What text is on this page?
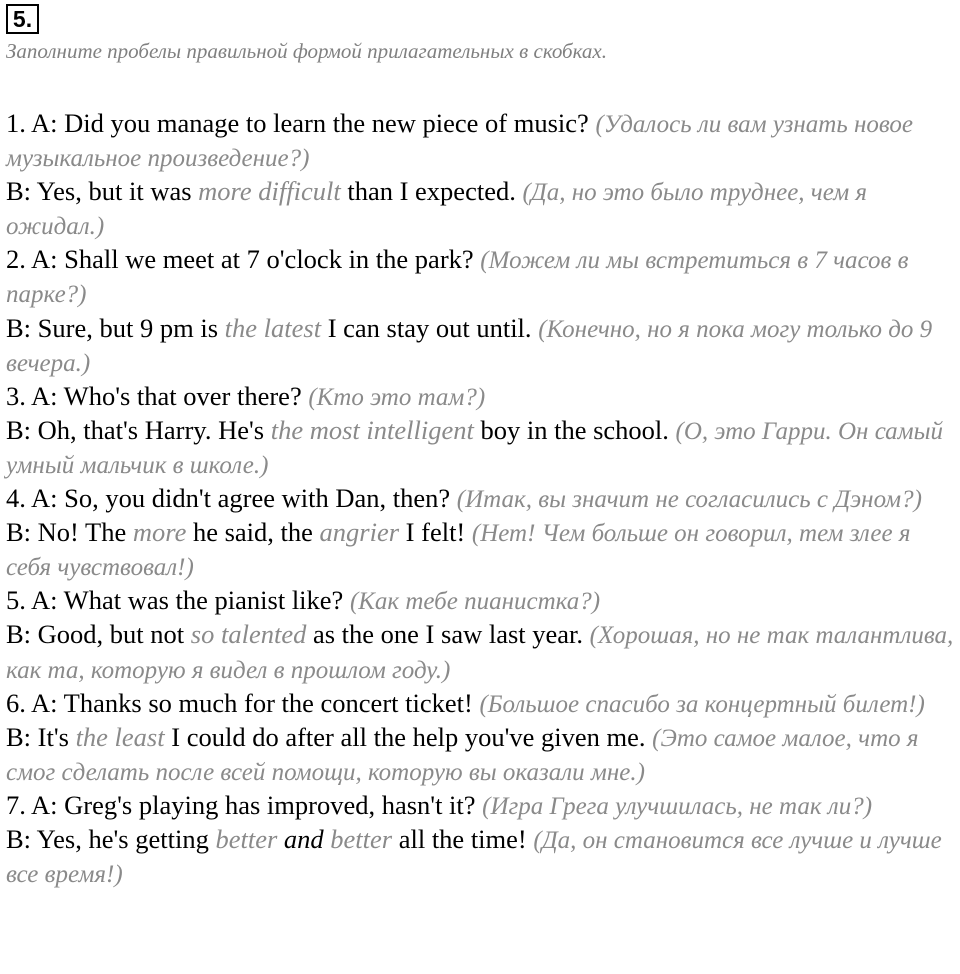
5.
Заполните пробелы правильной формой прилагательных в скобках.

1. A: Did you manage to learn the new piece of music? (Удалось ли вам узнать новое музыкальное произведение?)

B: Yes, but it was more difficult than I expected. (Да, но это было труднее, чем я ожидал.)

2. A: Shall we meet at 7 o'clock in the park? (Можем ли мы встретиться в 7 часов в парке?)

B: Sure, but 9 pm is the latest I can stay out until. (Конечно, но я пока могу только до 9 вечера.)

3. A: Who's that over there? (Кто это там?)

B: Oh, that's Harry. He's the most intelligent boy in the school. (О, это Гарри. Он самый умный мальчик в школе.)

4. A: So, you didn't agree with Dan, then? (Итак, вы значит не согласились с Дэном?)

B: No! The more he said, the angrier I felt! (Нет! Чем больше он говорил, тем злее я себя чувствовал!)

5. A: What was the pianist like? (Как тебе пианистка?)

B: Good, but not so talented as the one I saw last year. (Хорошая, но не так талантлива, как та, которую я видел в прошлом году.)

6. A: Thanks so much for the concert ticket! (Большое спасибо за концертный билет!)

B: It's the least I could do after all the help you've given me. (Это самое малое, что я смог сделать после всей помощи, которую вы оказали мне.)

7. A: Greg's playing has improved, hasn't it? (Игра Грега улучшилась, не так ли?)

B: Yes, he's getting better and better all the time! (Да, он становится все лучше и лучше все время!)
